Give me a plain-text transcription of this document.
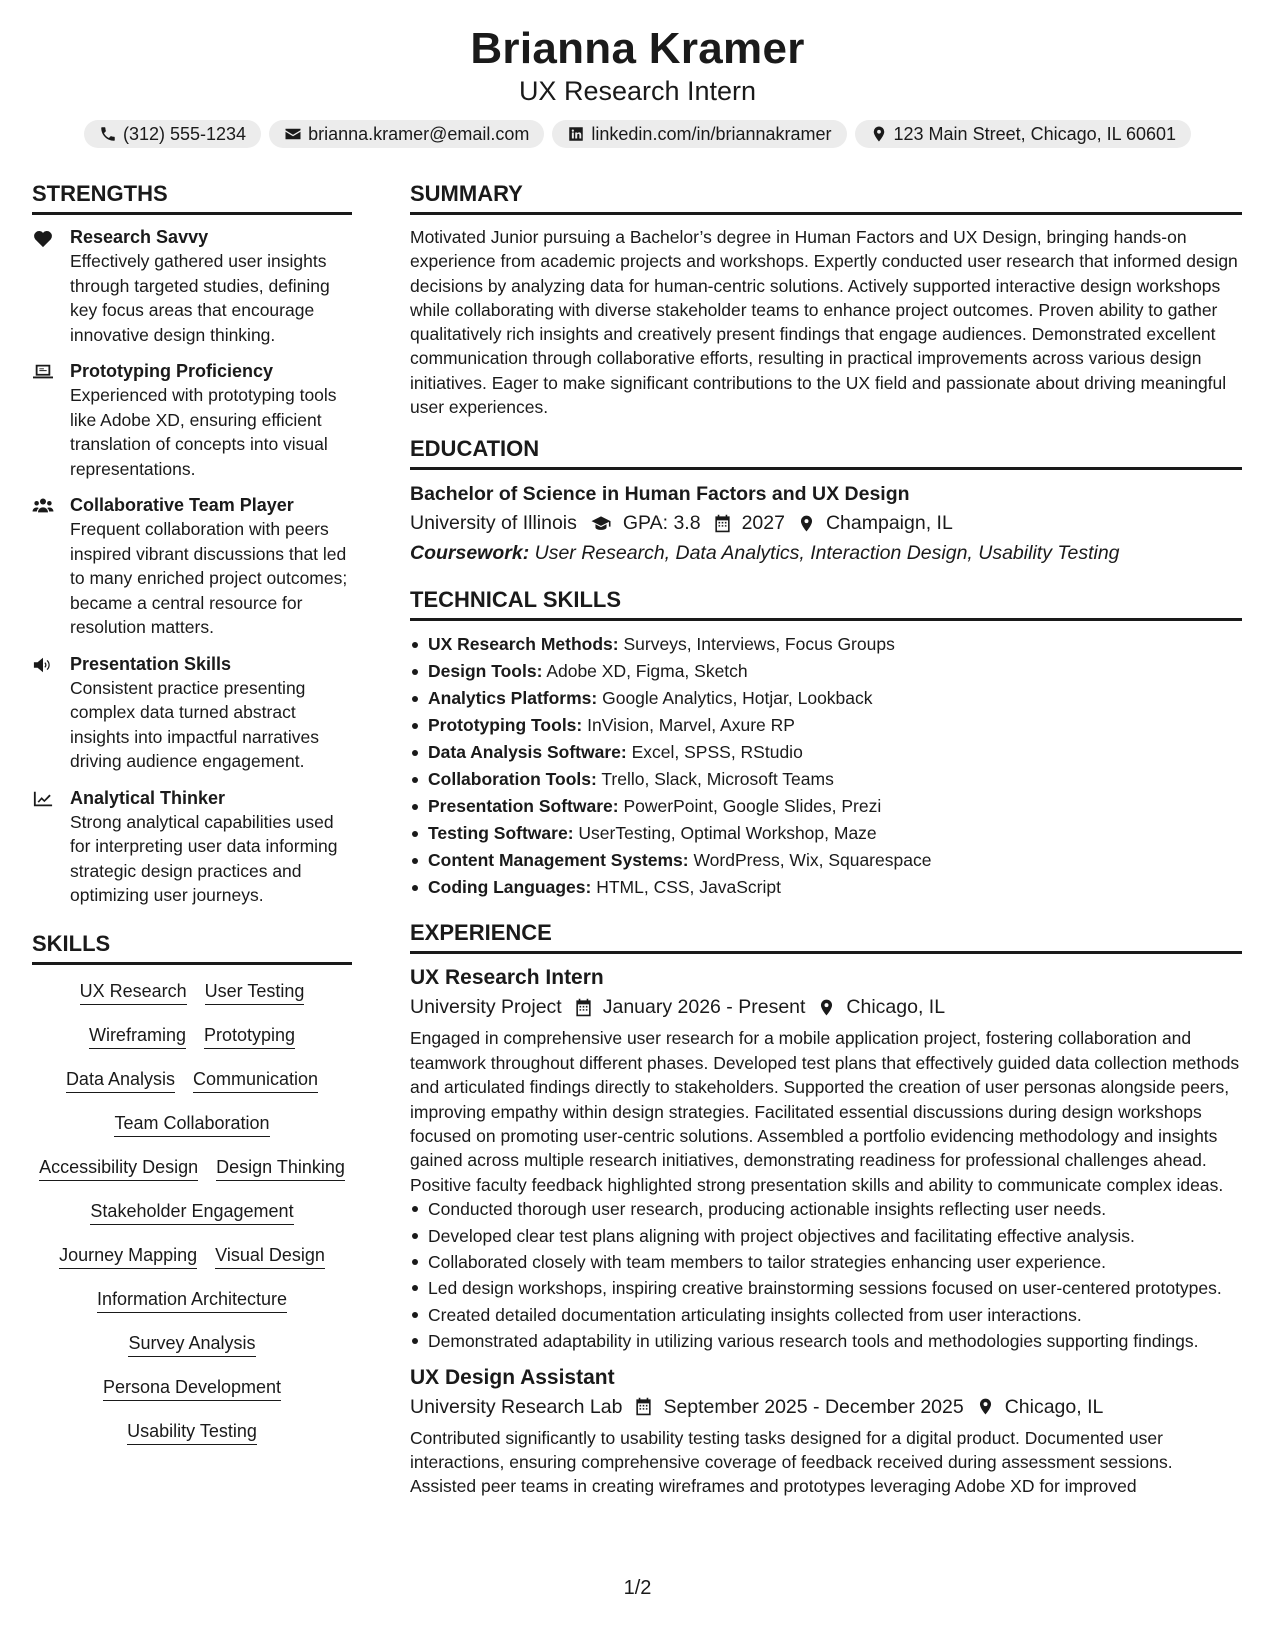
Brianna Kramer
UX Research Intern
(312) 555-1234	brianna.kramer@email.com	linkedin.com/in/briannakramer	123 Main Street, Chicago, IL 60601
STRENGTHS
Research Savvy
Effectively gathered user insights through targeted studies, defining key focus areas that encourage innovative design thinking.
Prototyping Proficiency
Experienced with prototyping tools like Adobe XD, ensuring efficient translation of concepts into visual representations.
Collaborative Team Player
Frequent collaboration with peers inspired vibrant discussions that led to many enriched project outcomes; became a central resource for resolution matters.
Presentation Skills
Consistent practice presenting complex data turned abstract insights into impactful narratives driving audience engagement.
Analytical Thinker
Strong analytical capabilities used for interpreting user data informing strategic design practices and optimizing user journeys.
SKILLS
UX Research User Testing
Wireframing Prototyping
Data Analysis Communication
Team Collaboration
Accessibility Design Design Thinking
Stakeholder Engagement
Journey Mapping Visual Design
Information Architecture
Survey Analysis
Persona Development
Usability Testing
SUMMARY
Motivated Junior pursuing a Bachelor’s degree in Human Factors and UX Design, bringing hands-on experience from academic projects and workshops. Expertly conducted user research that informed design decisions by analyzing data for human-centric solutions. Actively supported interactive design workshops while collaborating with diverse stakeholder teams to enhance project outcomes. Proven ability to gather qualitatively rich insights and creatively present findings that engage audiences. Demonstrated excellent communication through collaborative efforts, resulting in practical improvements across various design initiatives. Eager to make significant contributions to the UX field and passionate about driving meaningful user experiences.
EDUCATION
Bachelor of Science in Human Factors and UX Design
University of Illinois GPA: 3.8 2027 Champaign, IL
Coursework: User Research, Data Analytics, Interaction Design, Usability Testing
TECHNICAL SKILLS
UX Research Methods: Surveys, Interviews, Focus Groups
Design Tools: Adobe XD, Figma, Sketch
Analytics Platforms: Google Analytics, Hotjar, Lookback
Prototyping Tools: InVision, Marvel, Axure RP
Data Analysis Software: Excel, SPSS, RStudio
Collaboration Tools: Trello, Slack, Microsoft Teams
Presentation Software: PowerPoint, Google Slides, Prezi
Testing Software: UserTesting, Optimal Workshop, Maze
Content Management Systems: WordPress, Wix, Squarespace
Coding Languages: HTML, CSS, JavaScript
EXPERIENCE
UX Research Intern
University Project January 2026 - Present Chicago, IL
Engaged in comprehensive user research for a mobile application project, fostering collaboration and teamwork throughout different phases. Developed test plans that effectively guided data collection methods and articulated findings directly to stakeholders. Supported the creation of user personas alongside peers, improving empathy within design strategies. Facilitated essential discussions during design workshops focused on promoting user-centric solutions. Assembled a portfolio evidencing methodology and insights gained across multiple research initiatives, demonstrating readiness for professional challenges ahead. Positive faculty feedback highlighted strong presentation skills and ability to communicate complex ideas.
Conducted thorough user research, producing actionable insights reflecting user needs.
Developed clear test plans aligning with project objectives and facilitating effective analysis.
Collaborated closely with team members to tailor strategies enhancing user experience.
Led design workshops, inspiring creative brainstorming sessions focused on user-centered prototypes.
Created detailed documentation articulating insights collected from user interactions.
Demonstrated adaptability in utilizing various research tools and methodologies supporting findings.
UX Design Assistant
University Research Lab September 2025 - December 2025 Chicago, IL
Contributed significantly to usability testing tasks designed for a digital product. Documented user interactions, ensuring comprehensive coverage of feedback received during assessment sessions. Assisted peer teams in creating wireframes and prototypes leveraging Adobe XD for improved
1/2
